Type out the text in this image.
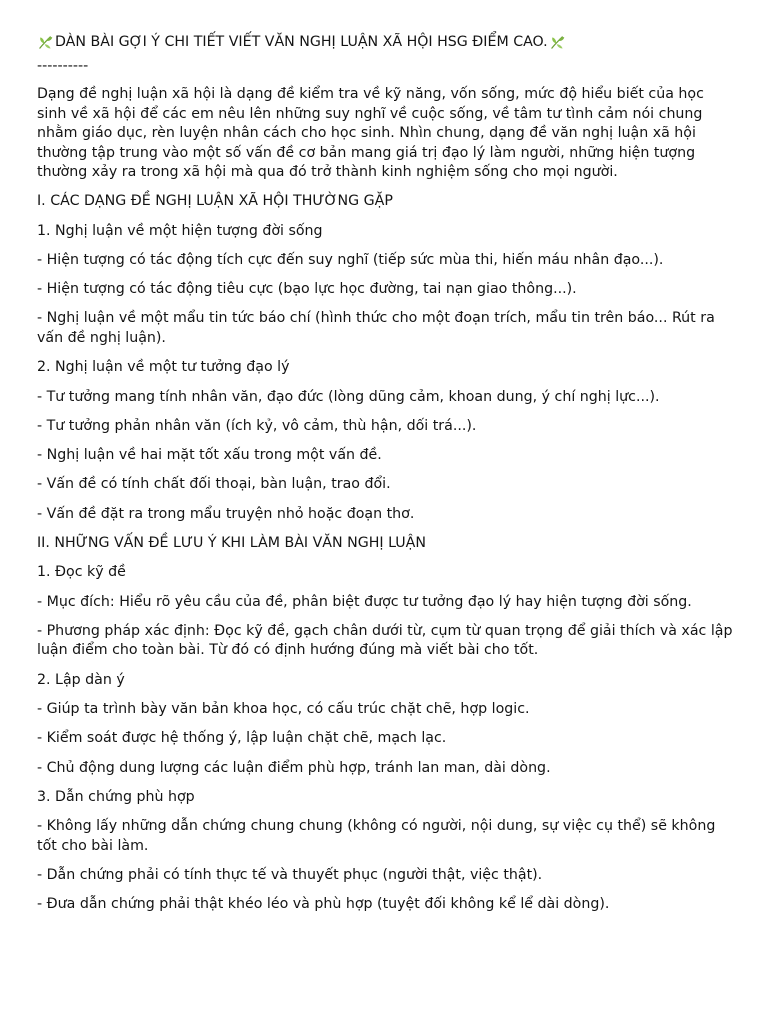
DÀN BÀI GỢI Ý CHI TIẾT VIẾT VĂN NGHỊ LUẬN XÃ HỘI HSG ĐIỂM CAO.
----------
Dạng đề nghị luận xã hội là dạng đề kiểm tra về kỹ năng, vốn sống, mức độ hiểu biết của học sinh về xã hội để các em nêu lên những suy nghĩ về cuộc sống, về tâm tư tình cảm nói chung nhằm giáo dục, rèn luyện nhân cách cho học sinh. Nhìn chung, dạng đề văn nghị luận xã hội thường tập trung vào một số vấn đề cơ bản mang giá trị đạo lý làm người, những hiện tượng thường xảy ra trong xã hội mà qua đó trở thành kinh nghiệm sống cho mọi người.
I. CÁC DẠNG ĐỀ NGHỊ LUẬN XÃ HỘI THƯỜNG GẶP
1. Nghị luận về một hiện tượng đời sống
- Hiện tượng có tác động tích cực đến suy nghĩ (tiếp sức mùa thi, hiến máu nhân đạo...).
- Hiện tượng có tác động tiêu cực (bạo lực học đường, tai nạn giao thông...).
- Nghị luận về một mẩu tin tức báo chí (hình thức cho một đoạn trích, mẩu tin trên báo... Rút ra vấn đề nghị luận).
2. Nghị luận về một tư tưởng đạo lý
- Tư tưởng mang tính nhân văn, đạo đức (lòng dũng cảm, khoan dung, ý chí nghị lực...).
- Tư tưởng phản nhân văn (ích kỷ, vô cảm, thù hận, dối trá...).
- Nghị luận về hai mặt tốt xấu trong một vấn đề.
- Vấn đề có tính chất đối thoại, bàn luận, trao đổi.
- Vấn đề đặt ra trong mẩu truyện nhỏ hoặc đoạn thơ.
II. NHỮNG VẤN ĐỀ LƯU Ý KHI LÀM BÀI VĂN NGHỊ LUẬN
1. Đọc kỹ đề
- Mục đích: Hiểu rõ yêu cầu của đề, phân biệt được tư tưởng đạo lý hay hiện tượng đời sống.
- Phương pháp xác định: Đọc kỹ đề, gạch chân dưới từ, cụm từ quan trọng để giải thích và xác lập luận điểm cho toàn bài. Từ đó có định hướng đúng mà viết bài cho tốt.
2. Lập dàn ý
- Giúp ta trình bày văn bản khoa học, có cấu trúc chặt chẽ, hợp logic.
- Kiểm soát được hệ thống ý, lập luận chặt chẽ, mạch lạc.
- Chủ động dung lượng các luận điểm phù hợp, tránh lan man, dài dòng.
3. Dẫn chứng phù hợp
- Không lấy những dẫn chứng chung chung (không có người, nội dung, sự việc cụ thể) sẽ không tốt cho bài làm.
- Dẫn chứng phải có tính thực tế và thuyết phục (người thật, việc thật).
- Đưa dẫn chứng phải thật khéo léo và phù hợp (tuyệt đối không kể lể dài dòng).
